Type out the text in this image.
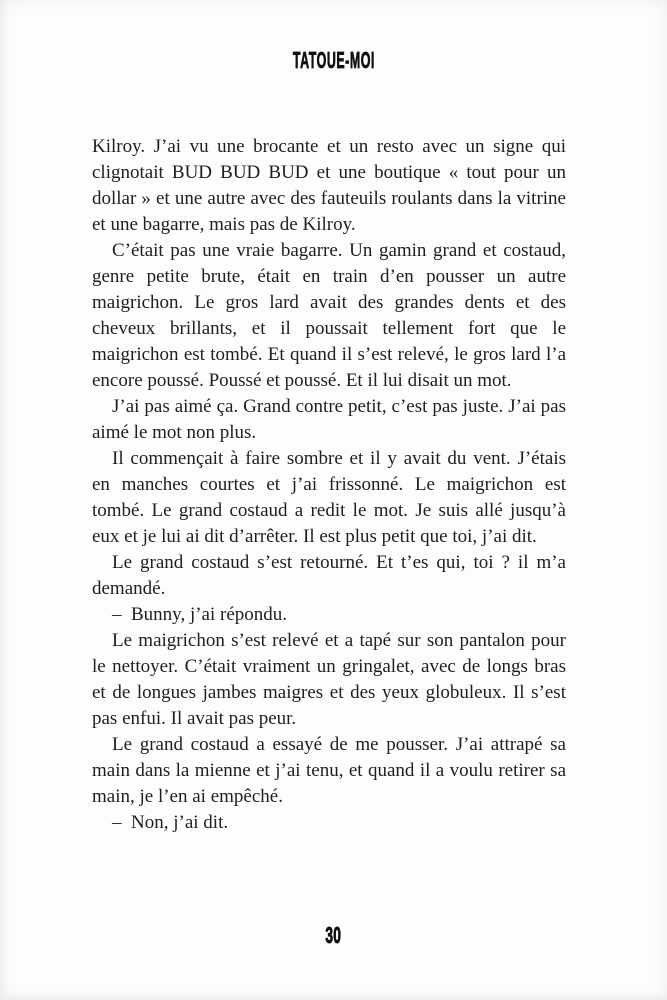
TATOUE-MOI

Kilroy. J’ai vu une brocante et un resto avec un signe qui clignotait BUD BUD BUD et une boutique « tout pour un dollar » et une autre avec des fauteuils roulants dans la vitrine et une bagarre, mais pas de Kilroy.

C’était pas une vraie bagarre. Un gamin grand et costaud, genre petite brute, était en train d’en pousser un autre maigrichon. Le gros lard avait des grandes dents et des cheveux brillants, et il poussait tellement fort que le maigrichon est tombé. Et quand il s’est relevé, le gros lard l’a encore poussé. Poussé et poussé. Et il lui disait un mot.

J’ai pas aimé ça. Grand contre petit, c’est pas juste. J’ai pas aimé le mot non plus.

Il commençait à faire sombre et il y avait du vent. J’étais en manches courtes et j’ai frissonné. Le maigrichon est tombé. Le grand costaud a redit le mot. Je suis allé jusqu’à eux et je lui ai dit d’arrêter. Il est plus petit que toi, j’ai dit.

Le grand costaud s’est retourné. Et t’es qui, toi ? il m’a demandé.

– Bunny, j’ai répondu.

Le maigrichon s’est relevé et a tapé sur son pantalon pour le nettoyer. C’était vraiment un gringalet, avec de longs bras et de longues jambes maigres et des yeux globuleux. Il s’est pas enfui. Il avait pas peur.

Le grand costaud a essayé de me pousser. J’ai attrapé sa main dans la mienne et j’ai tenu, et quand il a voulu retirer sa main, je l’en ai empêché.

– Non, j’ai dit.

30
